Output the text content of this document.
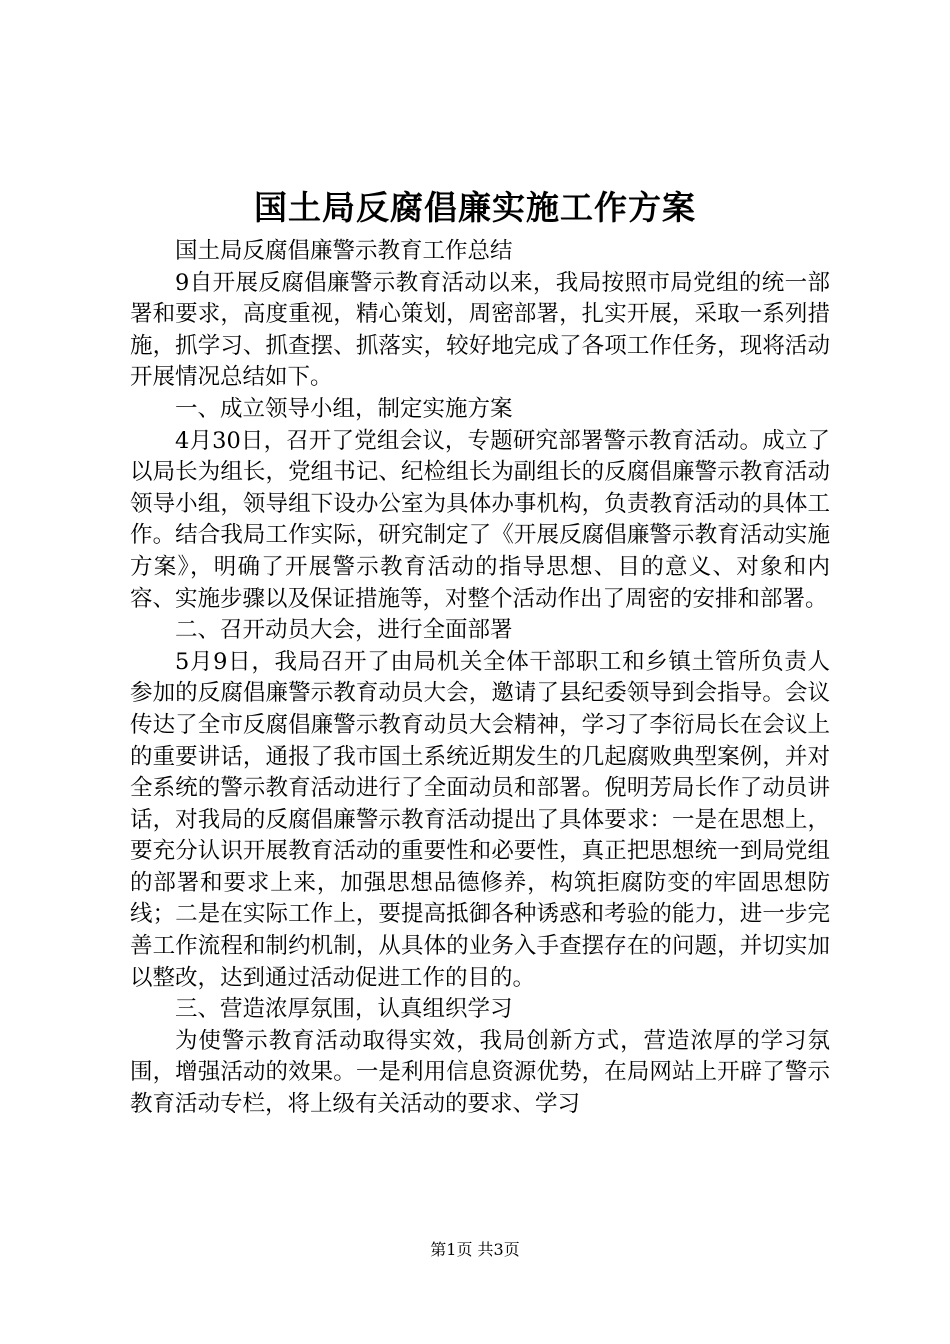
国土局反腐倡廉实施工作方案

国土局反腐倡廉警示教育工作总结

9自开展反腐倡廉警示教育活动以来，我局按照市局党组的统一部署和要求，高度重视，精心策划，周密部署，扎实开展，采取一系列措施，抓学习、抓查摆、抓落实，较好地完成了各项工作任务，现将活动开展情况总结如下。

一、成立领导小组，制定实施方案

4月30日，召开了党组会议，专题研究部署警示教育活动。成立了以局长为组长，党组书记、纪检组长为副组长的反腐倡廉警示教育活动领导小组，领导组下设办公室为具体办事机构，负责教育活动的具体工作。结合我局工作实际，研究制定了《开展反腐倡廉警示教育活动实施方案》，明确了开展警示教育活动的指导思想、目的意义、对象和内容、实施步骤以及保证措施等，对整个活动作出了周密的安排和部署。

二、召开动员大会，进行全面部署

5月9日，我局召开了由局机关全体干部职工和乡镇土管所负责人参加的反腐倡廉警示教育动员大会，邀请了县纪委领导到会指导。会议传达了全市反腐倡廉警示教育动员大会精神，学习了李衍局长在会议上的重要讲话，通报了我市国土系统近期发生的几起腐败典型案例，并对全系统的警示教育活动进行了全面动员和部署。倪明芳局长作了动员讲话，对我局的反腐倡廉警示教育活动提出了具体要求：一是在思想上，要充分认识开展教育活动的重要性和必要性，真正把思想统一到局党组的部署和要求上来，加强思想品德修养，构筑拒腐防变的牢固思想防线；二是在实际工作上，要提高抵御各种诱惑和考验的能力，进一步完善工作流程和制约机制，从具体的业务入手查摆存在的问题，并切实加以整改，达到通过活动促进工作的目的。

三、营造浓厚氛围，认真组织学习

为使警示教育活动取得实效，我局创新方式，营造浓厚的学习氛围，增强活动的效果。一是利用信息资源优势，在局网站上开辟了警示教育活动专栏，将上级有关活动的要求、学习

第1页 共3页
